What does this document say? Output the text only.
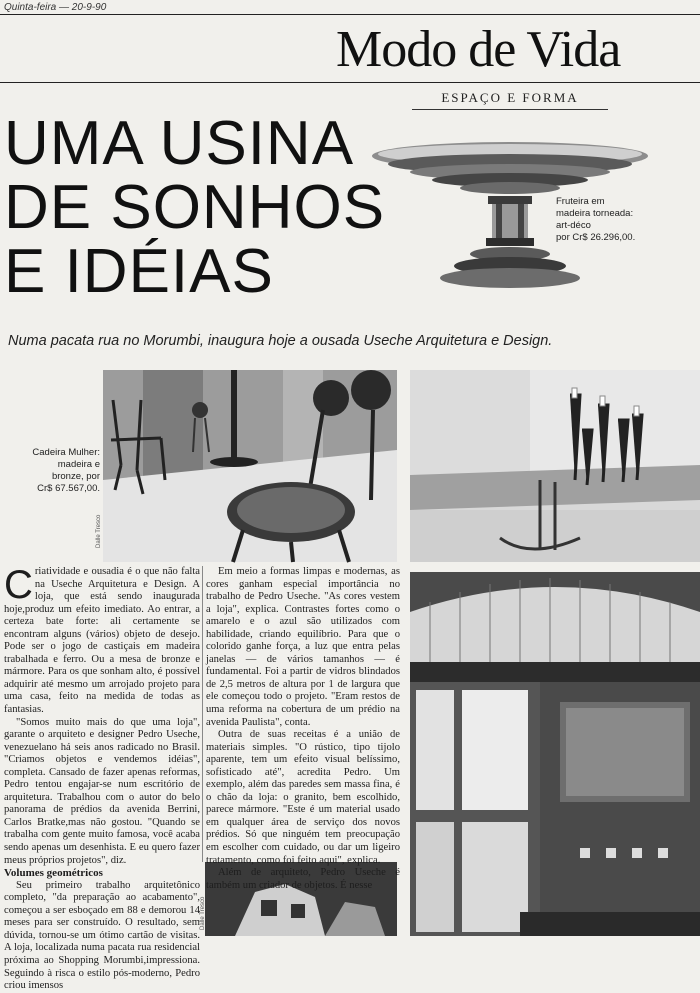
Quinta-feira — 20-9-90
Modo de Vida
ESPAÇO E FORMA
UMA USINA
DE SONHOS
E IDÉIAS
Fruteira em
madeira torneada:
art-déco
por Cr$ 26.296,00.
Numa pacata rua no Morumbi, inaugura hoje a ousada Useche Arquitetura e Design.
Cadeira Mulher:
madeira e
bronze, por
Cr$ 67.567,00.
Dalle Tresco
Dalle Tresco

Criatividade e ousadia é o que não falta na Useche Arquitetura e Design. A loja, que está sendo inaugurada hoje,produz um efeito imediato. Ao entrar, a certeza bate forte: ali certamente se encontram alguns (vários) objeto de desejo. Pode ser o jogo de castiçais em madeira trabalhada e ferro. Ou a mesa de bronze e mármore. Para os que sonham alto, é possível adquirir até mesmo um arrojado projeto para uma casa, feito na medida de todas as fantasias.

"Somos muito mais do que uma loja", garante o arquiteto e designer Pedro Useche, venezuelano há seis anos radicado no Brasil. "Criamos objetos e vendemos idéias", completa. Cansado de fazer apenas reformas, Pedro tentou engajar-se num escritório de arquitetura. Trabalhou com o autor do belo panorama de prédios da avenida Berrini, Carlos Bratke,mas não gostou. "Quando se trabalha com gente muito famosa, você acaba sendo apenas um desenhista. E eu quero fazer meus próprios projetos", diz.

Volumes geométricos

Seu primeiro trabalho arquitetônico completo, "da preparação ao acabamento", começou a ser esboçado em 88 e demorou 14 meses para ser construído. O resultado, sem dúvida, tornou-se um ótimo cartão de visitas. A loja, localizada numa pacata rua residencial próxima ao Shopping Morumbi,impressiona. Seguindo à risca o estilo pós-moderno, Pedro criou imensos

Em meio a formas limpas e modernas, as cores ganham especial importância no trabalho de Pedro Useche. "As cores vestem a loja", explica. Contrastes fortes como o amarelo e o azul são utilizados com habilidade, criando equilíbrio. Para que o colorido ganhe força, a luz que entra pelas janelas — de vários tamanhos — é fundamental. Foi a partir de vidros blindados de 2,5 metros de altura por 1 de largura que ele começou todo o projeto. "Eram restos de uma reforma na cobertura de um prédio na avenida Paulista", conta.

Outra de suas receitas é a união de materiais simples. "O rústico, tipo tijolo aparente, tem um efeito visual belíssimo, sofisticado até", acredita Pedro. Um exemplo, além das paredes sem massa fina, é o chão da loja: o granito, bem escolhido, parece mármore. "Este é um material usado em qualquer área de serviço dos novos prédios. Só que ninguém tem preocupação em escolher com cuidado, ou dar um ligeiro tratamento, como foi feito aqui", explica.

Além de arquiteto, Pedro Useche é também um criador de objetos. É nesse
